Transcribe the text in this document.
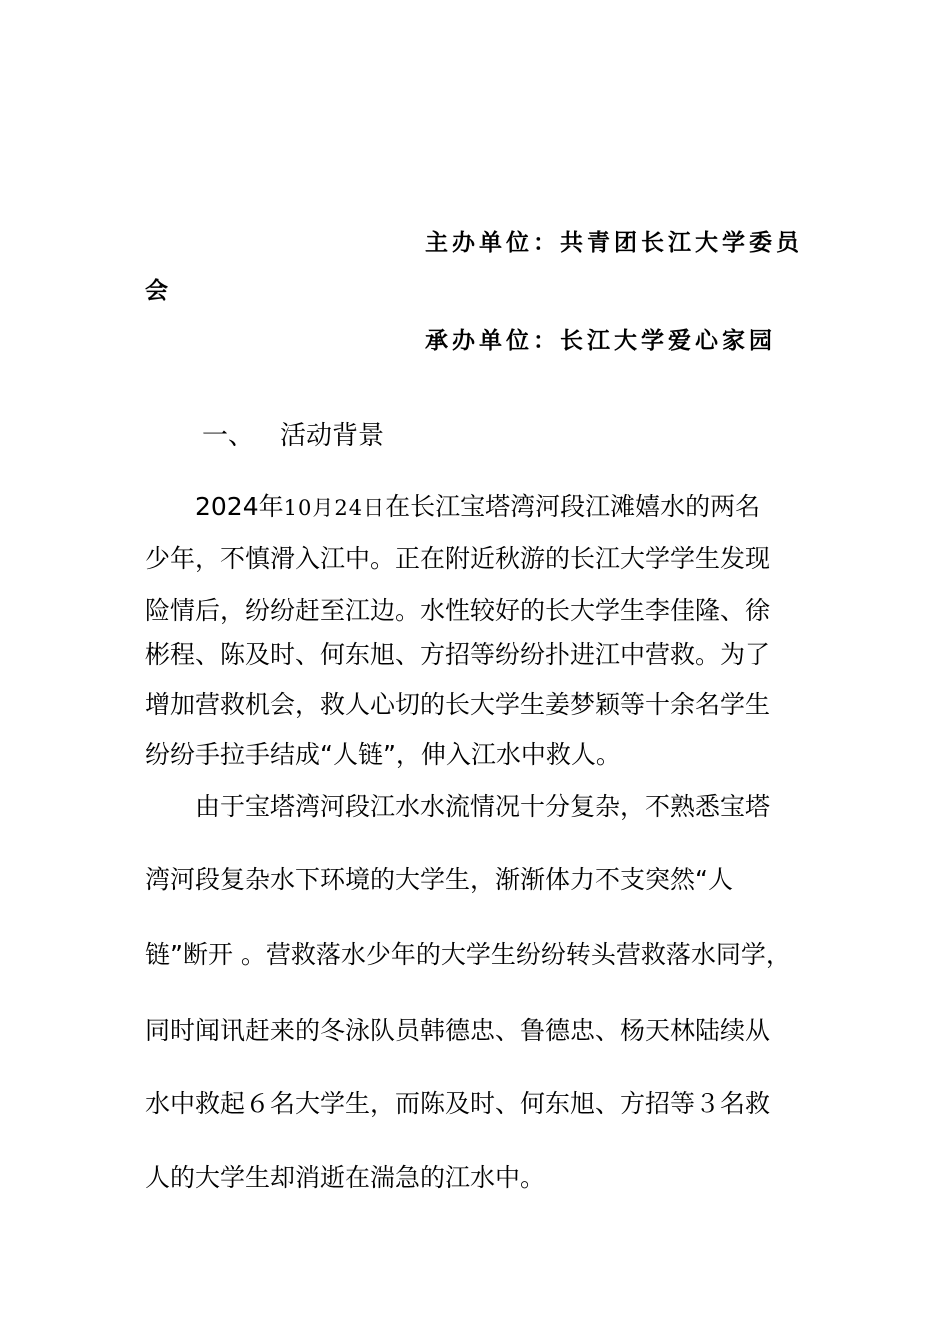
主办单位：共青团长江大学委员
会
承办单位：长江大学爱心家园
一、 活动背景
2024年10月24日在长江宝塔湾河段江滩嬉水的两名
少年，不慎滑入江中。正在附近秋游的长江大学学生发现
险情后，纷纷赶至江边。水性较好的长大学生李佳隆、徐
彬程、陈及时、何东旭、方招等纷纷扑进江中营救。为了
增加营救机会，救人心切的长大学生姜梦颖等十余名学生
纷纷手拉手结成“人链”，伸入江水中救人。
由于宝塔湾河段江水水流情况十分复杂，不熟悉宝塔
湾河段复杂水下环境的大学生，渐渐体力不支突然“人
链”断开 。营救落水少年的大学生纷纷转头营救落水同学，
同时闻讯赶来的冬泳队员韩德忠、鲁德忠、杨天林陆续从
水中救起６名大学生，而陈及时、何东旭、方招等３名救
人的大学生却消逝在湍急的江水中。
